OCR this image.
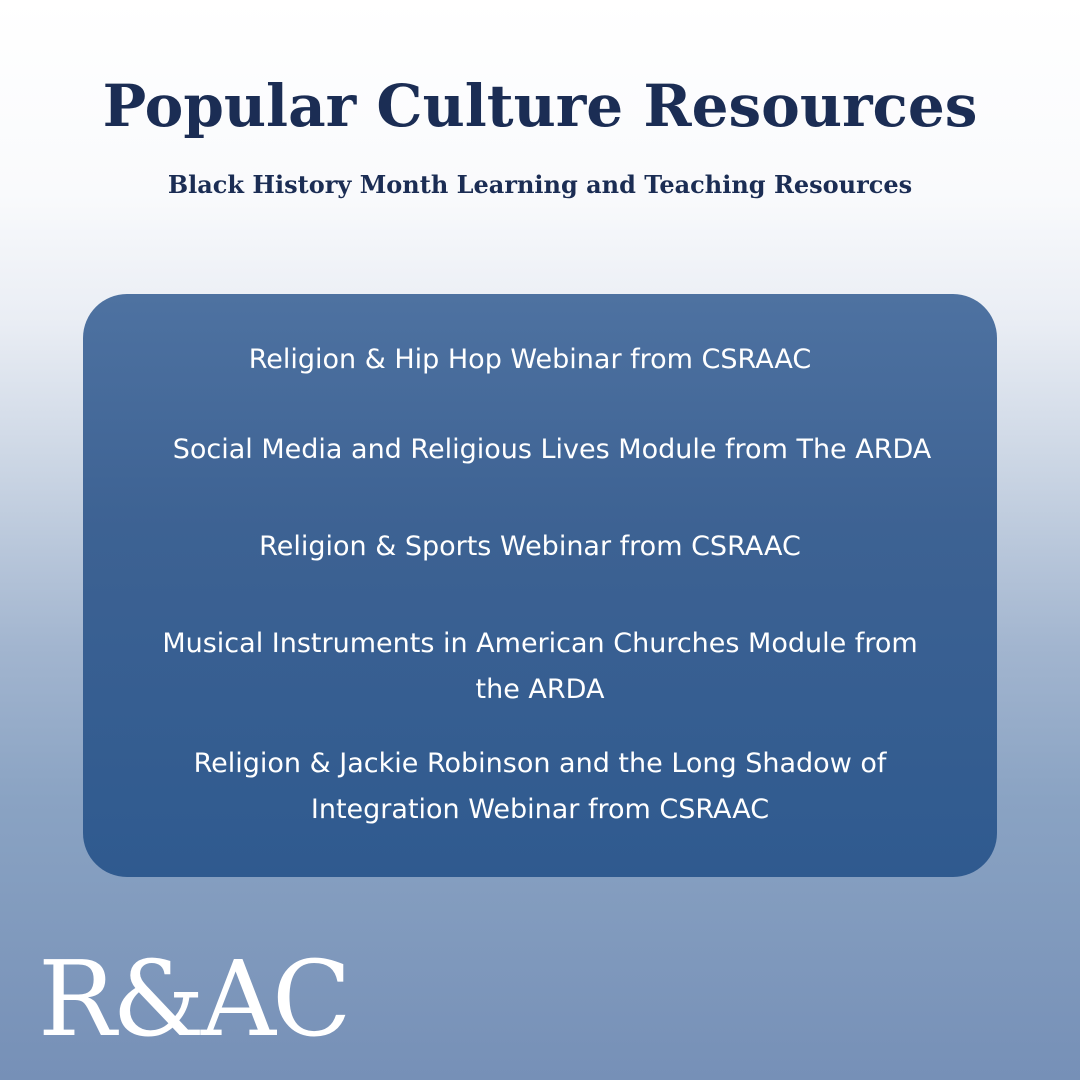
Popular Culture Resources
Black History Month Learning and Teaching Resources
Religion & Hip Hop Webinar from CSRAAC
Social Media and Religious Lives Module from The ARDA
Religion & Sports Webinar from CSRAAC
Musical Instruments in American Churches Module from
the ARDA
Religion & Jackie Robinson and the Long Shadow of
Integration Webinar from CSRAAC
R&AC
